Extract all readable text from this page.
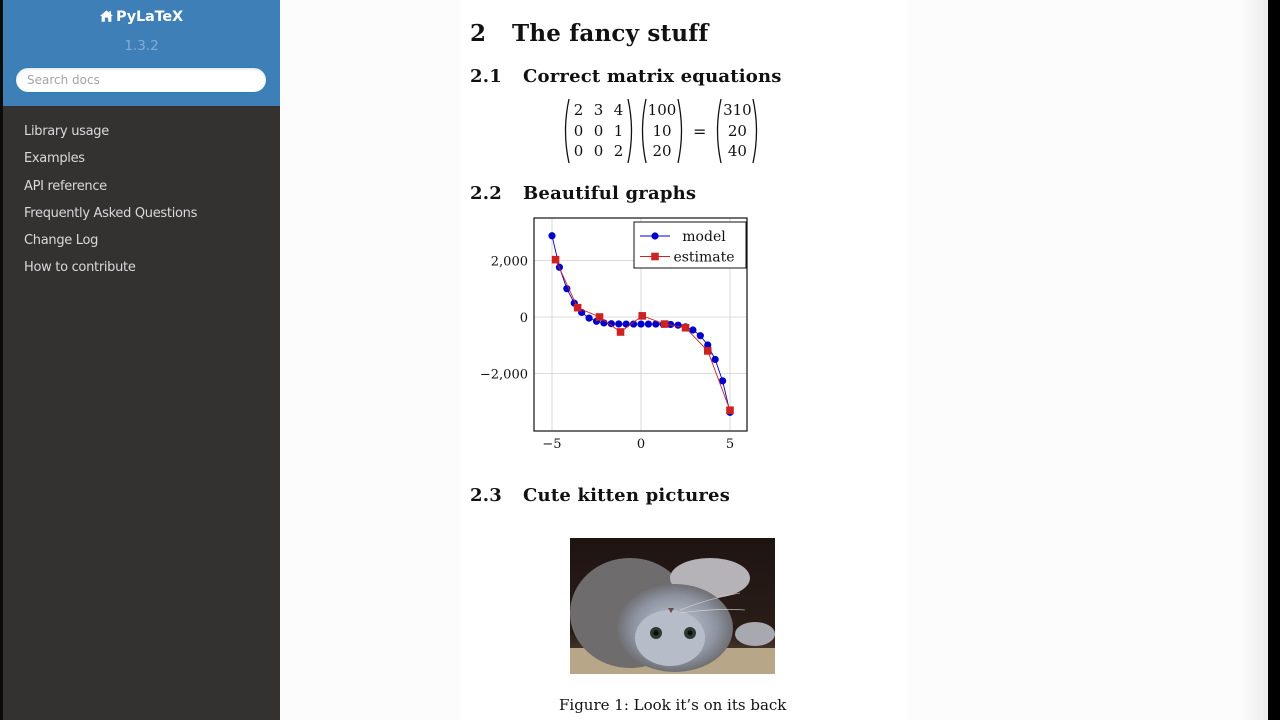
PyLaTeX
1.3.2
Search docs
Library usage
Examples
API reference
Frequently Asked Questions
Change Log
How to contribute
2 The fancy stuff
2.1 Correct matrix equations
2 3 4
0 0 1
0 0 2
100
10
20
=
310
20
40
2.2 Beautiful graphs
−5	0	5
2,000
0
−2,000
model
estimate
2.3 Cute kitten pictures
Figure 1: Look it’s on its back
